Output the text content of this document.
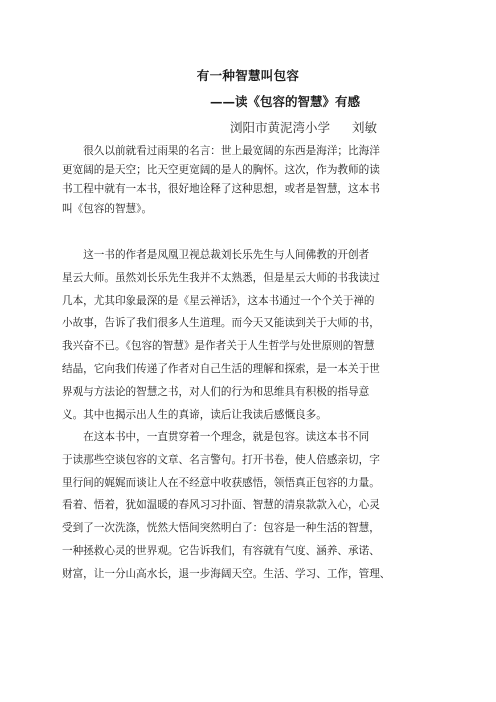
有一种智慧叫包容
——读《包容的智慧》有感
浏阳市黄泥湾小学 刘敏

　　很久以前就看过雨果的名言：世上最宽阔的东西是海洋；比海洋
更宽阔的是天空；比天空更宽阔的是人的胸怀。这次，作为教师的读
书工程中就有一本书，很好地诠释了这种思想，或者是智慧，这本书
叫《包容的智慧》。

　　这一书的作者是凤凰卫视总裁刘长乐先生与人间佛教的开创者
星云大师。虽然刘长乐先生我并不太熟悉，但是星云大师的书我读过
几本，尤其印象最深的是《星云禅话》，这本书通过一个个关于禅的
小故事，告诉了我们很多人生道理。而今天又能读到关于大师的书，
我兴奋不已。《包容的智慧》是作者关于人生哲学与处世原则的智慧
结晶，它向我们传递了作者对自己生活的理解和探索，是一本关于世
界观与方法论的智慧之书，对人们的行为和思维具有积极的指导意
义。其中也揭示出人生的真谛，读后让我读后感慨良多。

　　在这本书中，一直贯穿着一个理念，就是包容。读这本书不同
于读那些空谈包容的文章、名言警句。打开书卷，使人倍感亲切，字
里行间的娓娓而谈让人在不经意中收获感悟，领悟真正包容的力量。
看着、悟着，犹如温暖的春风习习扑面、智慧的清泉款款入心，心灵
受到了一次洗涤，恍然大悟间突然明白了：包容是一种生活的智慧，
一种拯救心灵的世界观。它告诉我们，有容就有气度、涵养、承诺、
财富，让一分山高水长，退一步海阔天空。生活、学习、工作，管理、
